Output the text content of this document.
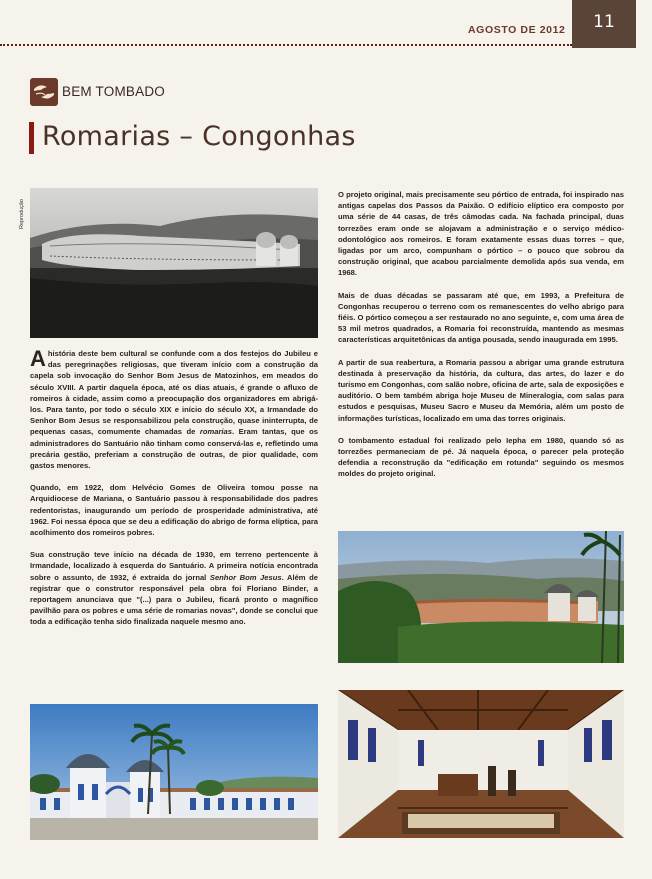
AGOSTO DE 2012	11
BEM TOMBADO
Romarias – Congonhas
Reprodução

A história deste bem cultural se confunde com a dos festejos do Jubileu e das peregrinações religiosas, que tiveram início com a construção da capela sob invocação do Senhor Bom Jesus de Matozinhos, em meados do século XVIII. A partir daquela época, até os dias atuais, é grande o afluxo de romeiros à cidade, assim como a preocupação dos organizadores em abrigá-los. Para tanto, por todo o século XIX e início do século XX, a Irmandade do Senhor Bom Jesus se responsabilizou pela construção, quase ininterrupta, de pequenas casas, comumente chamadas de romarias. Eram tantas, que os administradores do Santuário não tinham como conservá-las e, refletindo uma precária gestão, preferiam a construção de outras, de pior qualidade, com gastos menores.

Quando, em 1922, dom Helvécio Gomes de Oliveira tomou posse na Arquidiocese de Mariana, o Santuário passou à responsabilidade dos padres redentoristas, inaugurando um período de prosperidade administrativa, até 1962. Foi nessa época que se deu a edificação do abrigo de forma elíptica, para acolhimento dos romeiros pobres.

Sua construção teve início na década de 1930, em terreno pertencente à Irmandade, localizado à esquerda do Santuário. A primeira notícia encontrada sobre o assunto, de 1932, é extraída do jornal Senhor Bom Jesus. Além de registrar que o construtor responsável pela obra foi Floriano Binder, a reportagem anunciava que "(...) para o Jubileu, ficará pronto o magnífico pavilhão para os pobres e uma série de romarias novas", donde se conclui que toda a edificação tenha sido finalizada naquele mesmo ano.

O projeto original, mais precisamente seu pórtico de entrada, foi inspirado nas antigas capelas dos Passos da Paixão. O edifício elíptico era composto por uma série de 44 casas, de três câmodas cada. Na fachada principal, duas torrezões eram onde se alojavam a administração e o serviço médico-odontológico aos romeiros. E foram exatamente essas duas torres – que, ligadas por um arco, compunham o pórtico – o pouco que sobrou da construção original, que acabou parcialmente demolida após sua venda, em 1968.

Mais de duas décadas se passaram até que, em 1993, a Prefeitura de Congonhas recuperou o terreno com os remanescentes do velho abrigo para fiéis. O pórtico começou a ser restaurado no ano seguinte, e, com uma área de 53 mil metros quadrados, a Romaria foi reconstruída, mantendo as mesmas características arquitetônicas da antiga pousada, sendo inaugurada em 1995.

A partir de sua reabertura, a Romaria passou a abrigar uma grande estrutura destinada à preservação da história, da cultura, das artes, do lazer e do turismo em Congonhas, com salão nobre, oficina de arte, sala de exposições e auditório. O bem também abriga hoje Museu de Mineralogia, com salas para estudos e pesquisas, Museu Sacro e Museu da Memória, além um posto de informações turísticas, localizado em uma das torres originais.

O tombamento estadual foi realizado pelo Iepha em 1980, quando só as torrezões permaneciam de pé. Já naquela época, o parecer pela proteção defendia a reconstrução da "edificação em rotunda" seguindo os mesmos moldes do projeto original.
